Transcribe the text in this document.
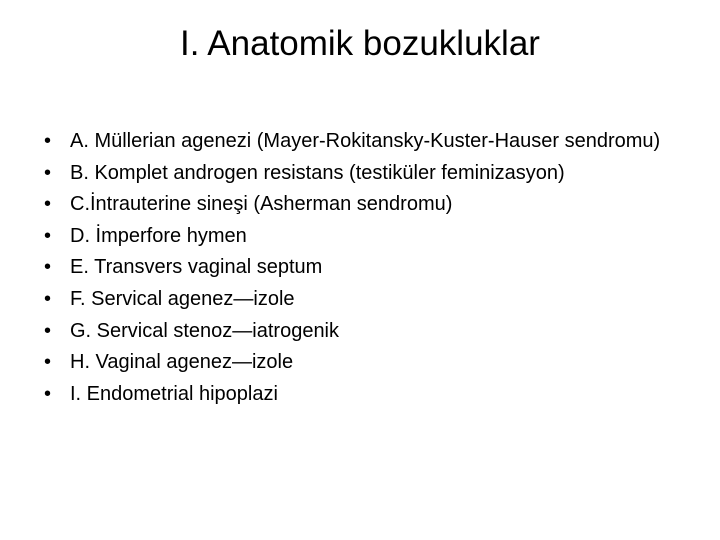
I. Anatomik bozukluklar
• A. Müllerian agenezi (Mayer-Rokitansky-Kuster-Hauser sendromu)
• B. Komplet androgen resistans (testiküler feminizasyon)
• C.İntrauterine sineşi (Asherman sendromu)
• D. İmperfore hymen
• E. Transvers vaginal septum
• F. Servical agenez—izole
• G. Servical stenoz—iatrogenik
• H. Vaginal agenez—izole
• I. Endometrial hipoplazi
